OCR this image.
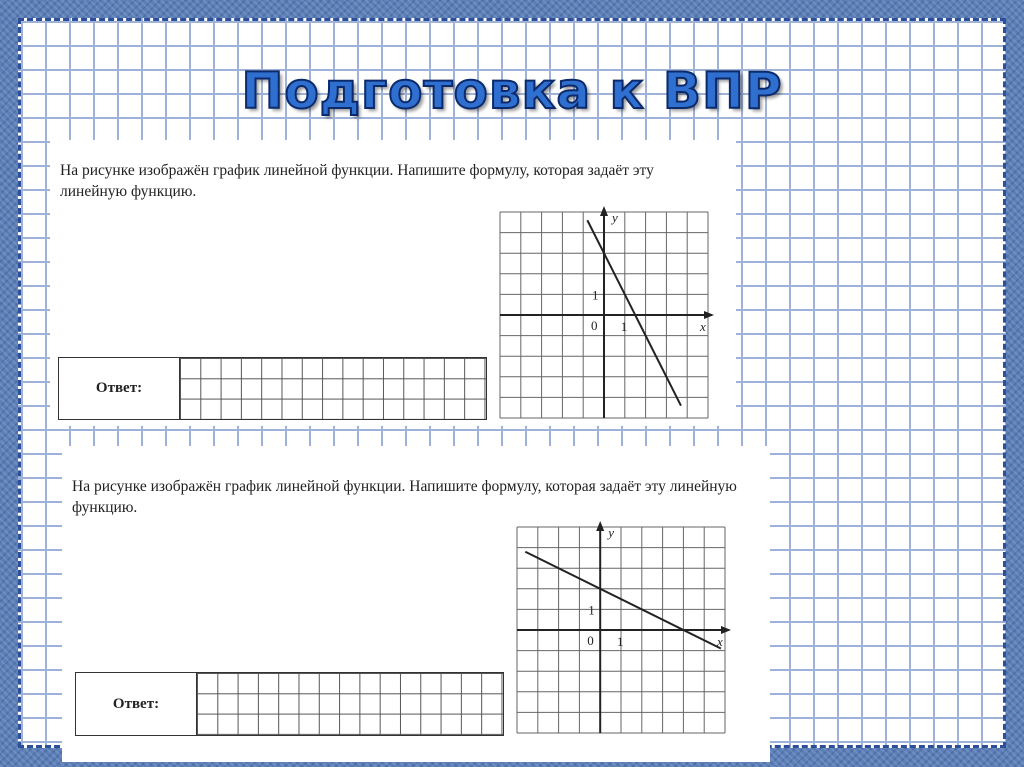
Подготовка к ВПР
На рисунке изображён график линейной функции. Напишите формулу, которая задаёт эту линейную функцию.
Ответ:
x
y
0 1
1
На рисунке изображён график линейной функции. Напишите формулу, которая задаёт эту линейную функцию.
Ответ:
x
y
0 1
1
